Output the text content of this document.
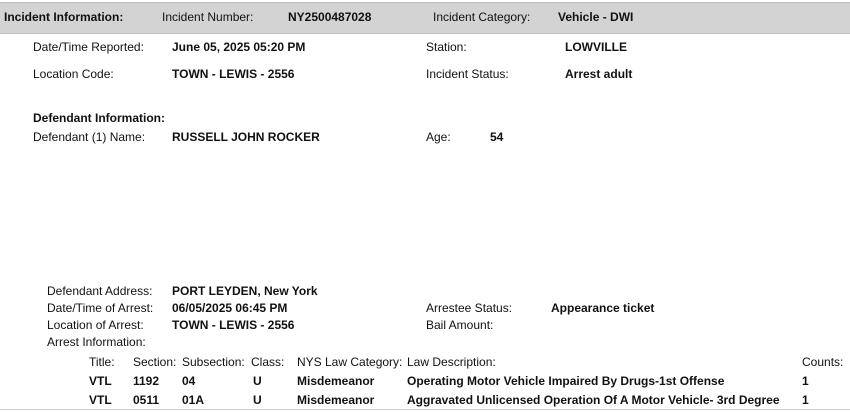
Incident Information:	Incident Number:	NY2500487028	Incident Category: Vehicle - DWI
Date/Time Reported: June 05, 2025 05:20 PM	Station:	LOWVILLE
Location Code:	TOWN - LEWIS - 2556	Incident Status:	Arrest adult
Defendant Information:
Defendant (1) Name: RUSSELL JOHN ROCKER	Age:	54
Defendant Address: PORT LEYDEN, New York
Date/Time of Arrest: 06/05/2025 06:45 PM	Arrestee Status:	Appearance ticket
Location of Arrest: TOWN - LEWIS - 2556	Bail Amount:
Arrest Information:
Title: Section: Subsection: Class: NYS Law Category: Law Description:	Counts:
VTL 1192 04	U	Misdemeanor	Operating Motor Vehicle Impaired By Drugs-1st Offense	1
VTL 0511 01A	U	Misdemeanor	Aggravated Unlicensed Operation Of A Motor Vehicle- 3rd Degree 1
